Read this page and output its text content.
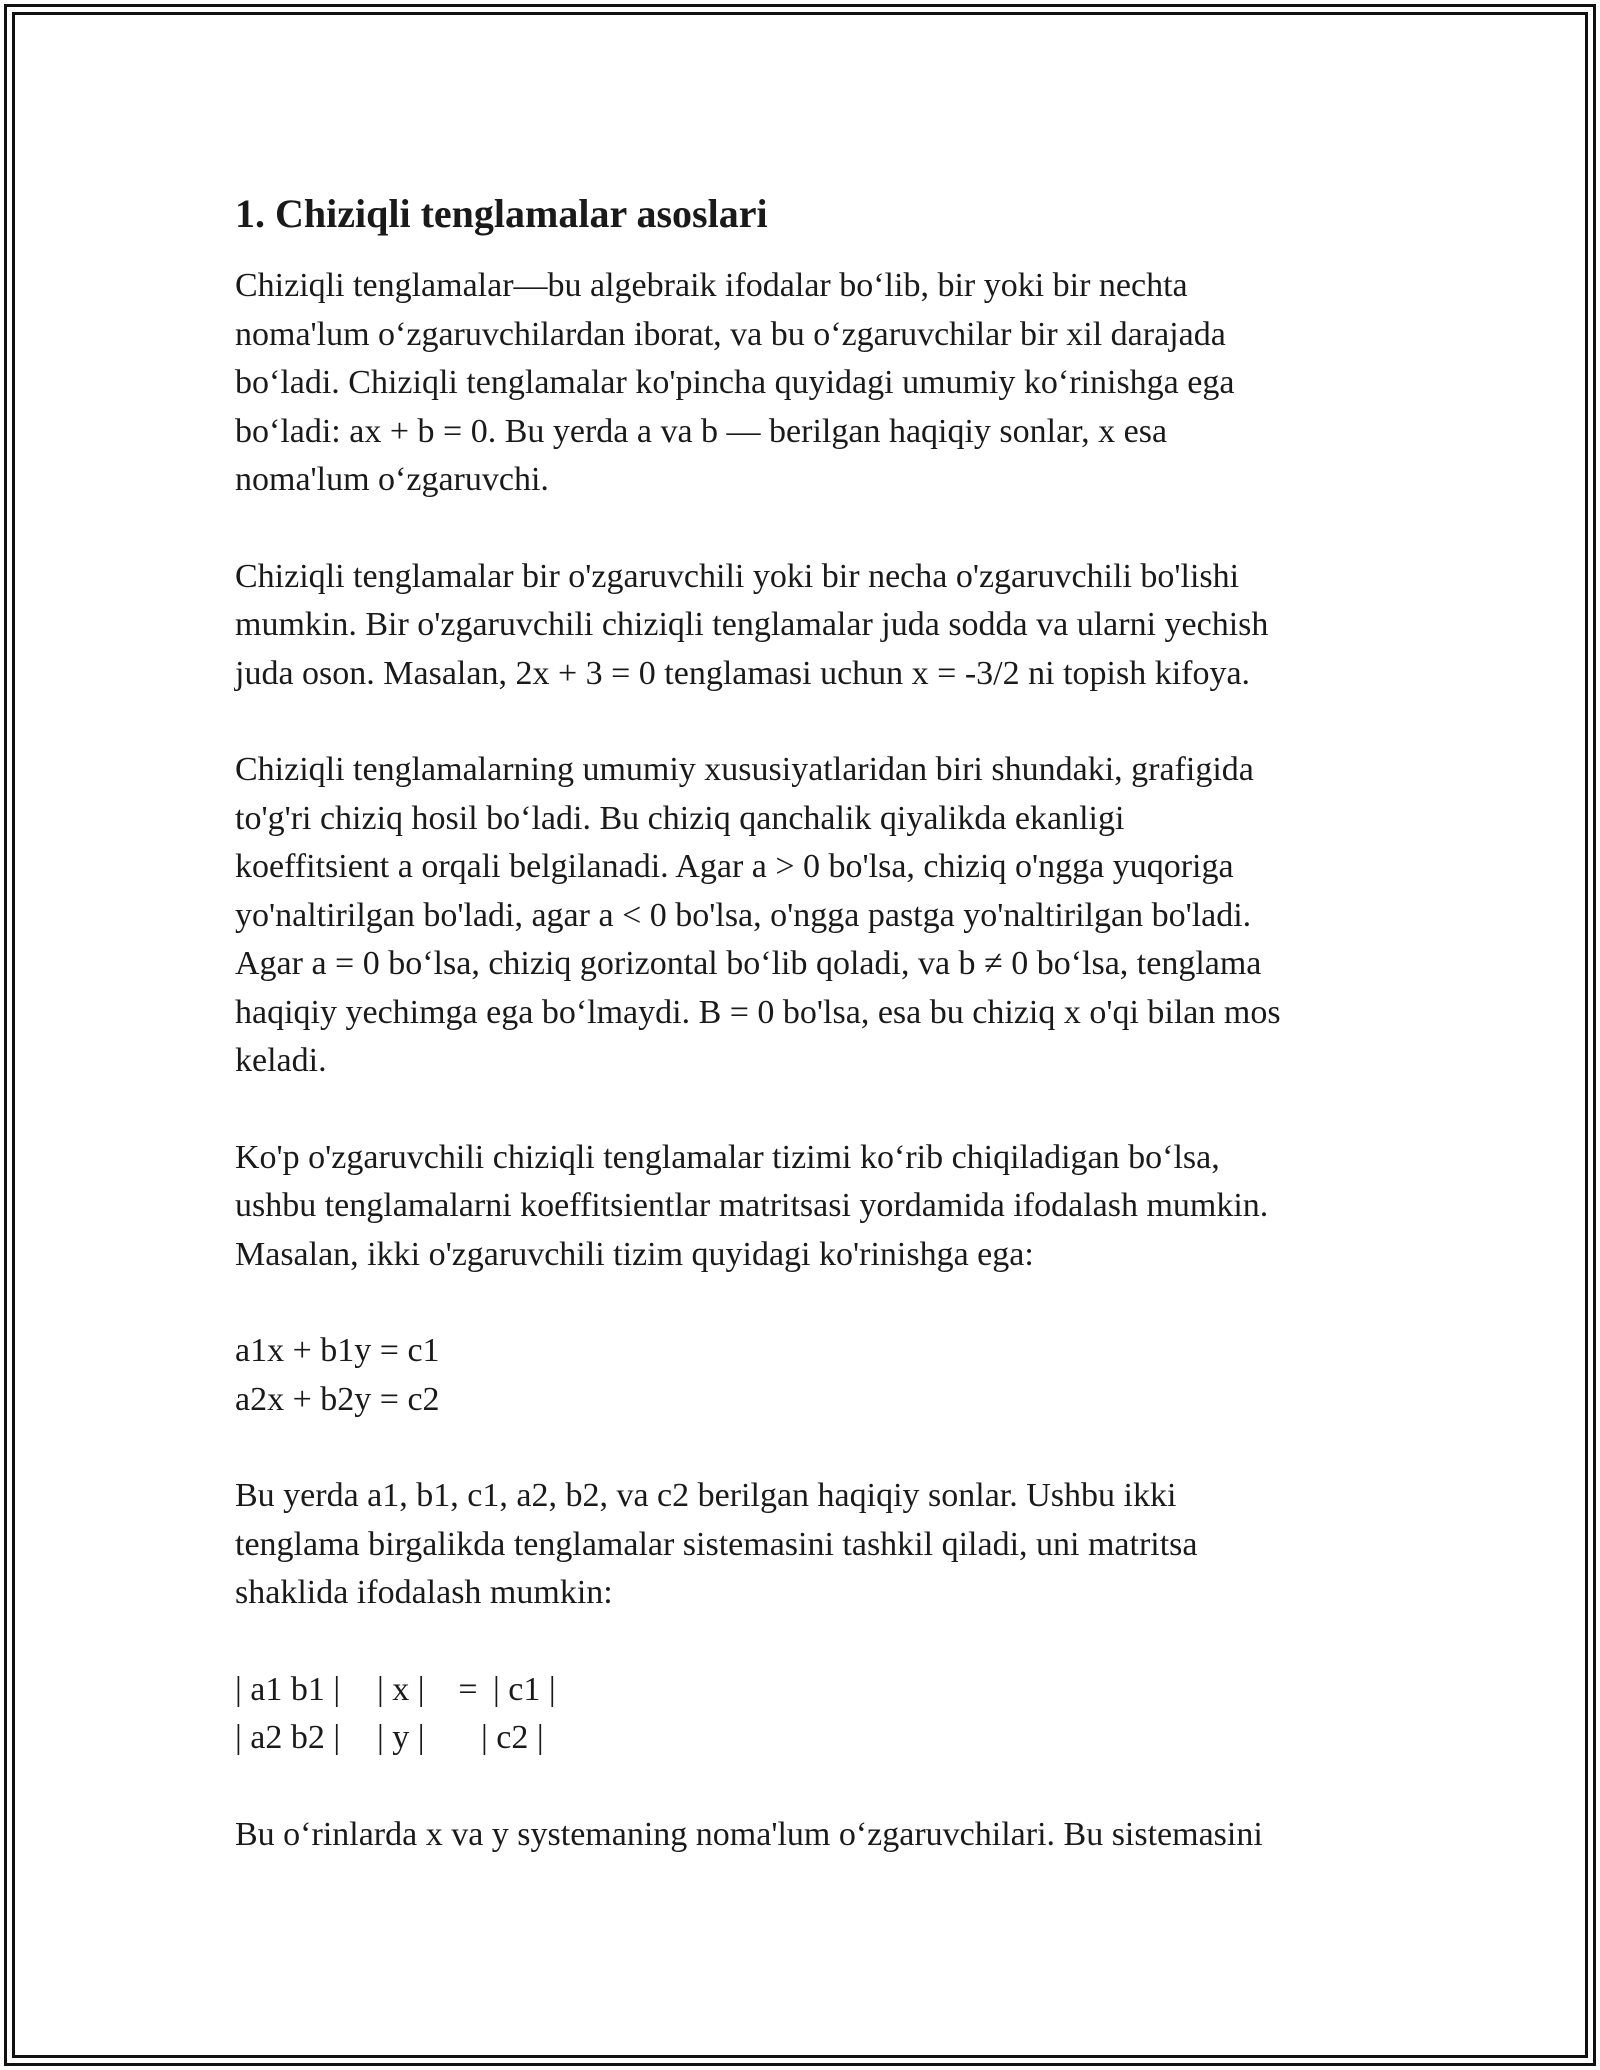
1. Chiziqli tenglamalar asoslari

Chiziqli tenglamalar—bu algebraik ifodalar bo‘lib, bir yoki bir nechta
noma'lum o‘zgaruvchilardan iborat, va bu o‘zgaruvchilar bir xil darajada
bo‘ladi. Chiziqli tenglamalar ko'pincha quyidagi umumiy ko‘rinishga ega
bo‘ladi: ax + b = 0. Bu yerda a va b — berilgan haqiqiy sonlar, x esa
noma'lum o‘zgaruvchi.

Chiziqli tenglamalar bir o'zgaruvchili yoki bir necha o'zgaruvchili bo'lishi
mumkin. Bir o'zgaruvchili chiziqli tenglamalar juda sodda va ularni yechish
juda oson. Masalan, 2x + 3 = 0 tenglamasi uchun x = -3/2 ni topish kifoya.

Chiziqli tenglamalarning umumiy xususiyatlaridan biri shundaki, grafigida
to'g'ri chiziq hosil bo‘ladi. Bu chiziq qanchalik qiyalikda ekanligi
koeffitsient a orqali belgilanadi. Agar a > 0 bo'lsa, chiziq o'ngga yuqoriga
yo'naltirilgan bo'ladi, agar a < 0 bo'lsa, o'ngga pastga yo'naltirilgan bo'ladi.
Agar a = 0 bo‘lsa, chiziq gorizontal bo‘lib qoladi, va b ≠ 0 bo‘lsa, tenglama
haqiqiy yechimga ega bo‘lmaydi. B = 0 bo'lsa, esa bu chiziq x o'qi bilan mos
keladi.

Ko'p o'zgaruvchili chiziqli tenglamalar tizimi ko‘rib chiqiladigan bo‘lsa,
ushbu tenglamalarni koeffitsientlar matritsasi yordamida ifodalash mumkin.
Masalan, ikki o'zgaruvchili tizim quyidagi ko'rinishga ega:

a1x + b1y = c1
a2x + b2y = c2

Bu yerda a1, b1, c1, a2, b2, va c2 berilgan haqiqiy sonlar. Ushbu ikki
tenglama birgalikda tenglamalar sistemasini tashkil qiladi, uni matritsa
shaklida ifodalash mumkin:

| a1 b1 |	| x | = | c1 |
| a2 b2 |	| y |	| c2 |

Bu o‘rinlarda x va y systemaning noma'lum o‘zgaruvchilari. Bu sistemasini
